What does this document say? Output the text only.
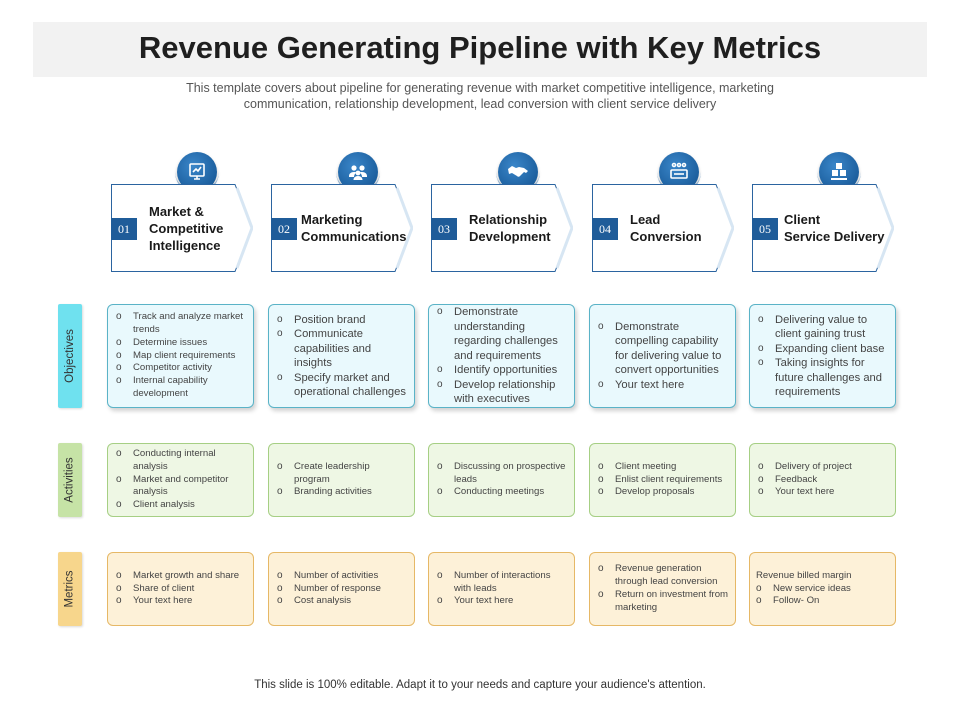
Revenue Generating Pipeline with Key Metrics
This template covers about pipeline for generating revenue with market competitive intelligence, marketing communication, relationship development, lead conversion with client service delivery
01
Market &
Competitive
Intelligence
02
Marketing
Communications
03
Relationship
Development
04
Lead
Conversion
05
Client
Service Delivery
Objectives
Activities
Metrics
o Track and analyze market trends
o Determine issues
o Map client requirements
o Competitor activity
o Internal capability development
o Position brand
o Communicate capabilities and insights
o Specify market and operational challenges
o Demonstrate understanding regarding challenges and requirements
o Identify opportunities
o Develop relationship with executives
o Demonstrate compelling capability for delivering value to convert opportunities
o Your text here
o Delivering value to client gaining trust
o Expanding client base
o Taking insights for future challenges and requirements
o Conducting internal analysis
o Market and competitor analysis
o Client analysis
o Create leadership program
o Branding activities
o Discussing on prospective leads
o Conducting meetings
o Client meeting
o Enlist client requirements
o Develop proposals
o Delivery of project
o Feedback
o Your text here
o Market growth and share
o Share of client
o Your text here
o Number of activities
o Number of response
o Cost analysis
o Number of interactions with leads
o Your text here
o Revenue generation through lead conversion
o Return on investment from marketing
Revenue billed margin
o New service ideas
o Follow- On
This slide is 100% editable. Adapt it to your needs and capture your audience's attention.
